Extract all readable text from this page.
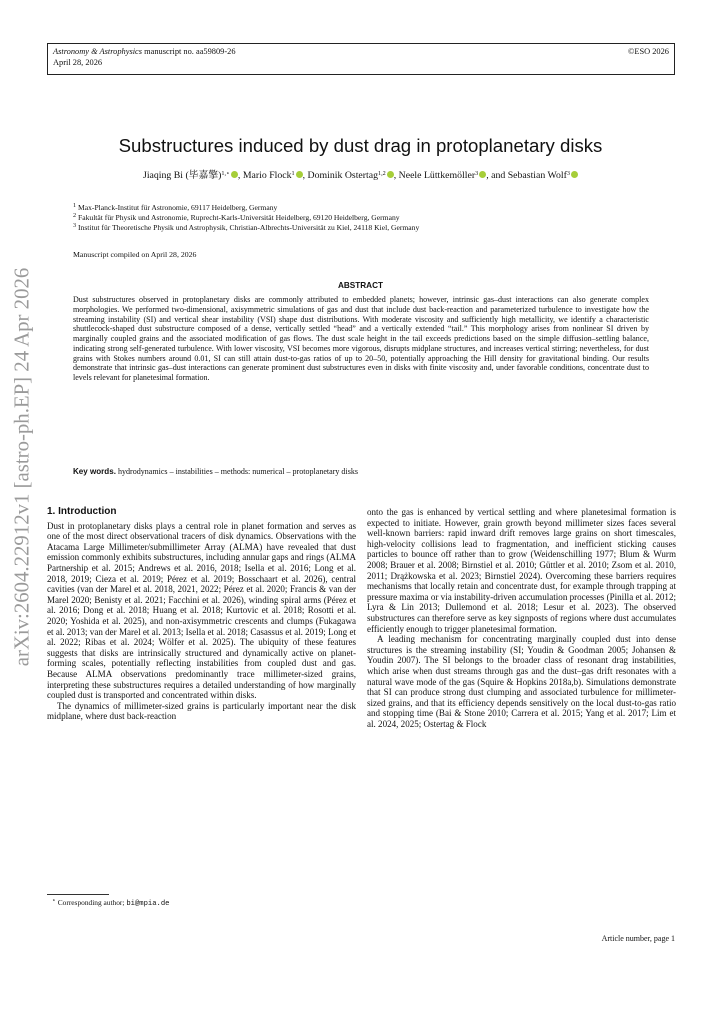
Astronomy & Astrophysics manuscript no. aa59809-26
April 28, 2026
©ESO 2026
Substructures induced by dust drag in protoplanetary disks
Jiaqing Bi (毕嘉擎)$^{1,⋆}$ , Mario Flock$^1$ , Dominik Ostertag$^{1,2}$ , Neele Lüttkemöller$^3$ , and Sebastian Wolf$^3$
$^1$ Max-Planck-Institut für Astronomie, 69117 Heidelberg, Germany
$^2$ Fakultät für Physik und Astronomie, Ruprecht-Karls-Universität Heidelberg, 69120 Heidelberg, Germany
$^3$ Institut für Theoretische Physik und Astrophysik, Christian-Albrechts-Universität zu Kiel, 24118 Kiel, Germany
Manuscript compiled on April 28, 2026
ABSTRACT
Dust substructures observed in protoplanetary disks are commonly attributed to embedded planets; however, intrinsic gas–dust interactions can also generate complex morphologies. We performed two-dimensional, axisymmetric simulations of gas and dust that include dust back-reaction and parameterized turbulence to investigate how the streaming instability (SI) and vertical shear instability (VSI) shape dust distributions. With moderate viscosity and sufficiently high metallicity, we identify a characteristic shuttlecock-shaped dust substructure composed of a dense, vertically settled “head” and a vertically extended “tail.” This morphology arises from nonlinear SI driven by marginally coupled grains and the associated modification of gas flows. The dust scale height in the tail exceeds predictions based on the simple diffusion–settling balance, indicating strong self-generated turbulence. With lower viscosity, VSI becomes more vigorous, disrupts midplane structures, and increases vertical stirring; nevertheless, for dust grains with Stokes numbers around 0.01, SI can still attain dust-to-gas ratios of up to 20–50, potentially approaching the Hill density for gravitational binding. Our results demonstrate that intrinsic gas–dust interactions can generate prominent dust substructures even in disks with finite viscosity and, under favorable conditions, concentrate dust to levels relevant for planetesimal formation.
Key words. hydrodynamics – instabilities – methods: numerical – protoplanetary disks
arXiv:2604.22912v1 [astro-ph.EP] 24 Apr 2026 1. Introduction

Dust in protoplanetary disks plays a central role in planet formation and serves as one of the most direct observational tracers of disk dynamics. Observations with the Atacama Large Millimeter/submillimeter Array (ALMA) have revealed that dust emission commonly exhibits substructures, including annular gaps and rings (ALMA Partnership et al. 2015; Andrews et al. 2016, 2018; Isella et al. 2016; Long et al. 2018, 2019; Cieza et al. 2019; Pérez et al. 2019; Bosschaart et al. 2026), central cavities (van der Marel et al. 2018, 2021, 2022; Pérez et al. 2020; Francis & van der Marel 2020; Benisty et al. 2021; Facchini et al. 2026), winding spiral arms (Pérez et al. 2016; Dong et al. 2018; Huang et al. 2018; Kurtovic et al. 2018; Rosotti et al. 2020; Yoshida et al. 2025), and non-axisymmetric crescents and clumps (Fukagawa et al. 2013; van der Marel et al. 2013; Isella et al. 2018; Casassus et al. 2019; Long et al. 2022; Ribas et al. 2024; Wölfer et al. 2025). The ubiquity of these features suggests that disks are intrinsically structured and dynamically active on planet-forming scales, potentially reflecting instabilities from coupled dust and gas. Because ALMA observations predominantly trace millimeter-sized grains, interpreting these substructures requires a detailed understanding of how marginally coupled dust is transported and concentrated within disks.

The dynamics of millimeter-sized grains is particularly important near the disk midplane, where dust back-reaction

onto the gas is enhanced by vertical settling and where planetesimal formation is expected to initiate. However, grain growth beyond millimeter sizes faces several well-known barriers: rapid inward drift removes large grains on short timescales, high-velocity collisions lead to fragmentation, and inefficient sticking causes particles to bounce off rather than to grow (Weidenschilling 1977; Blum & Wurm 2008; Brauer et al. 2008; Birnstiel et al. 2010; Güttler et al. 2010; Zsom et al. 2010, 2011; Drążkowska et al. 2023; Birnstiel 2024). Overcoming these barriers requires mechanisms that locally retain and concentrate dust, for example through trapping at pressure maxima or via instability-driven accumulation processes (Pinilla et al. 2012; Lyra & Lin 2013; Dullemond et al. 2018; Lesur et al. 2023). The observed substructures can therefore serve as key signposts of regions where dust accumulates efficiently enough to trigger planetesimal formation.

A leading mechanism for concentrating marginally coupled dust into dense structures is the streaming instability (SI; Youdin & Goodman 2005; Johansen & Youdin 2007). The SI belongs to the broader class of resonant drag instabilities, which arise when dust streams through gas and the dust–gas drift resonates with a natural wave mode of the gas (Squire & Hopkins 2018a,b). Simulations demonstrate that SI can produce strong dust clumping and associated turbulence for millimeter-sized grains, and that its efficiency depends sensitively on the local dust-to-gas ratio and stopping time (Bai & Stone 2010; Carrera et al. 2015; Yang et al. 2017; Lim et al. 2024, 2025; Ostertag & Flock

⋆ Corresponding author; bi@mpia.de
Article number, page 1
